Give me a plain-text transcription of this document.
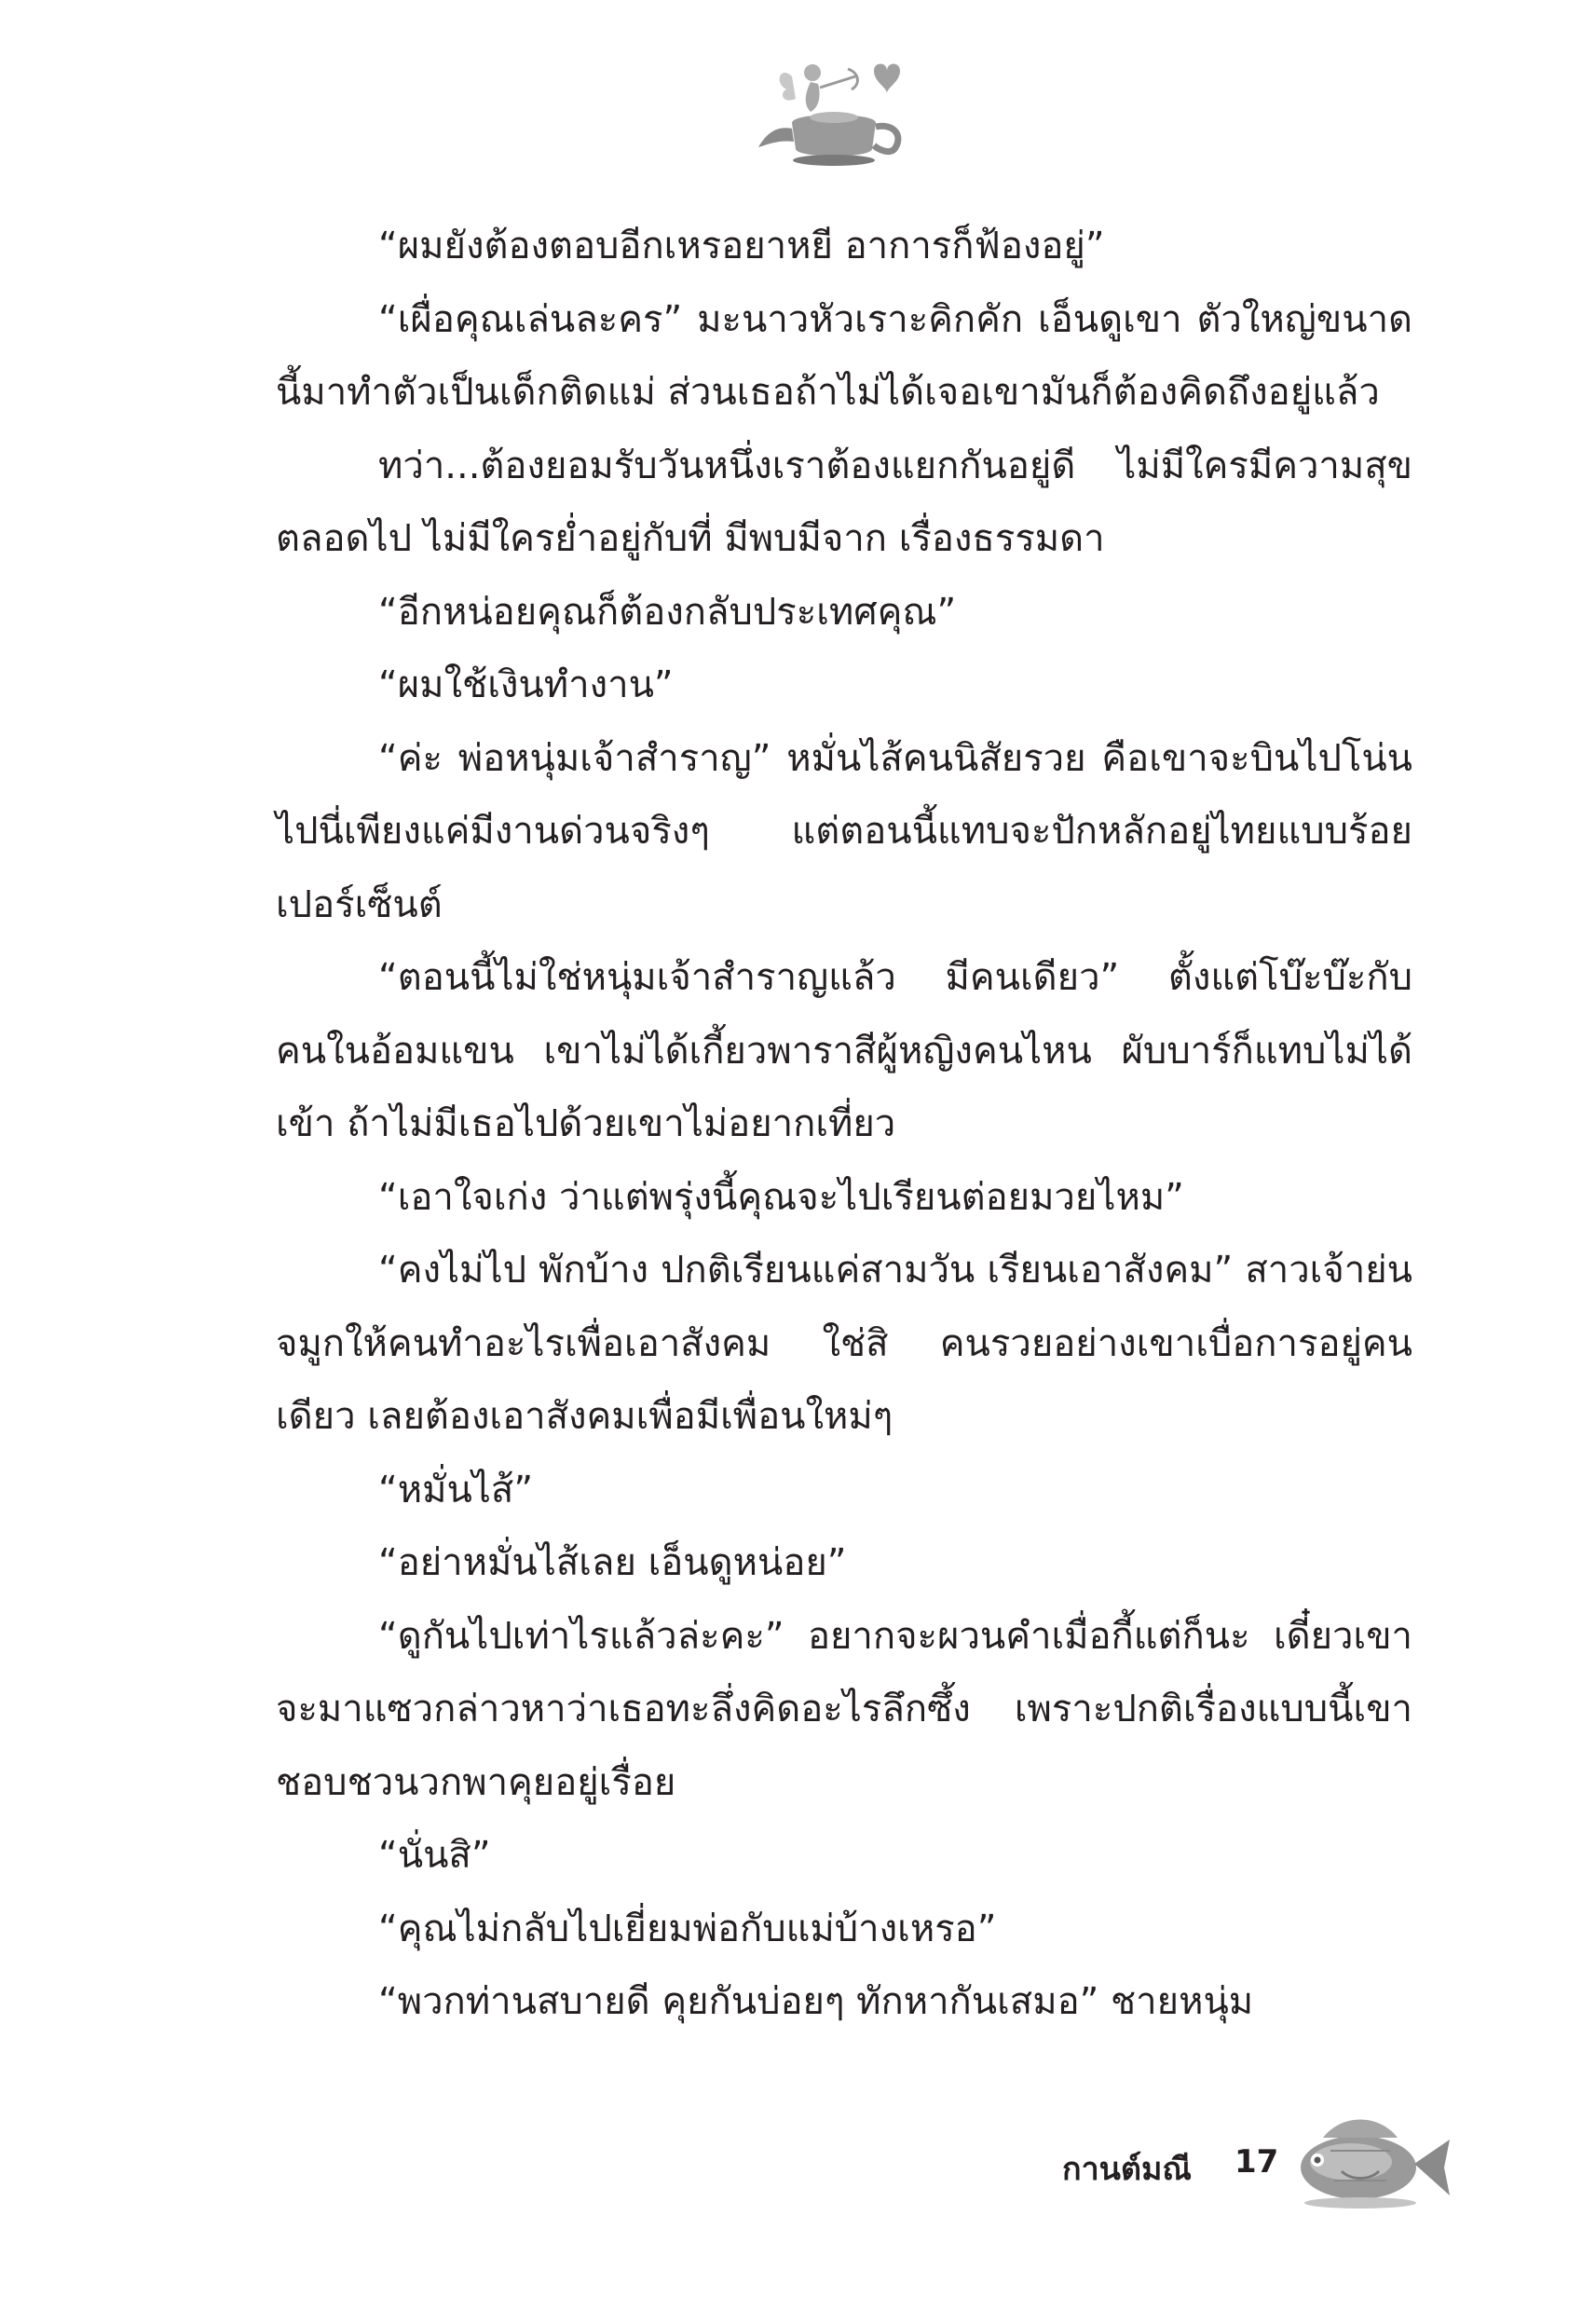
“ผมยังต้องตอบอีกเหรอยาหยี อาการก็ฟ้องอยู่”

“เผื่อคุณเล่นละคร” มะนาวหัวเราะคิกคัก เอ็นดูเขา ตัวใหญ่ขนาดนี้มาทำตัวเป็นเด็กติดแม่ ส่วนเธอถ้าไม่ได้เจอเขามันก็ต้องคิดถึงอยู่แล้ว

ทว่า...ต้องยอมรับวันหนึ่งเราต้องแยกกันอยู่ดี ไม่มีใครมีความสุขตลอดไป ไม่มีใครย่ำอยู่กับที่ มีพบมีจาก เรื่องธรรมดา

“อีกหน่อยคุณก็ต้องกลับประเทศคุณ”

“ผมใช้เงินทำงาน”

“ค่ะ พ่อหนุ่มเจ้าสำราญ” หมั่นไส้คนนิสัยรวย คือเขาจะบินไปโน่นไปนี่เพียงแค่มีงานด่วนจริงๆ แต่ตอนนี้แทบจะปักหลักอยู่ไทยแบบร้อยเปอร์เซ็นต์

“ตอนนี้ไม่ใช่หนุ่มเจ้าสำราญแล้ว มีคนเดียว” ตั้งแต่โบ๊ะบ๊ะกับคนในอ้อมแขน เขาไม่ได้เกี้ยวพาราสีผู้หญิงคนไหน ผับบาร์ก็แทบไม่ได้เข้า ถ้าไม่มีเธอไปด้วยเขาไม่อยากเที่ยว

“เอาใจเก่ง ว่าแต่พรุ่งนี้คุณจะไปเรียนต่อยมวยไหม”

“คงไม่ไป พักบ้าง ปกติเรียนแค่สามวัน เรียนเอาสังคม” สาวเจ้าย่นจมูกให้คนทำอะไรเพื่อเอาสังคม ใช่สิ คนรวยอย่างเขาเบื่อการอยู่คนเดียว เลยต้องเอาสังคมเพื่อมีเพื่อนใหม่ๆ

“หมั่นไส้”

“อย่าหมั่นไส้เลย เอ็นดูหน่อย”

“ดูกันไปเท่าไรแล้วล่ะคะ” อยากจะผวนคำเมื่อกี้แต่ก็นะ เดี๋ยวเขาจะมาแซวกล่าวหาว่าเธอทะลึ่งคิดอะไรลึกซึ้ง เพราะปกติเรื่องแบบนี้เขาชอบชวนวกพาคุยอยู่เรื่อย

“นั่นสิ”

“คุณไม่กลับไปเยี่ยมพ่อกับแม่บ้างเหรอ”

“พวกท่านสบายดี คุยกันบ่อยๆ ทักหากันเสมอ” ชายหนุ่ม

กานต์มณี 17
